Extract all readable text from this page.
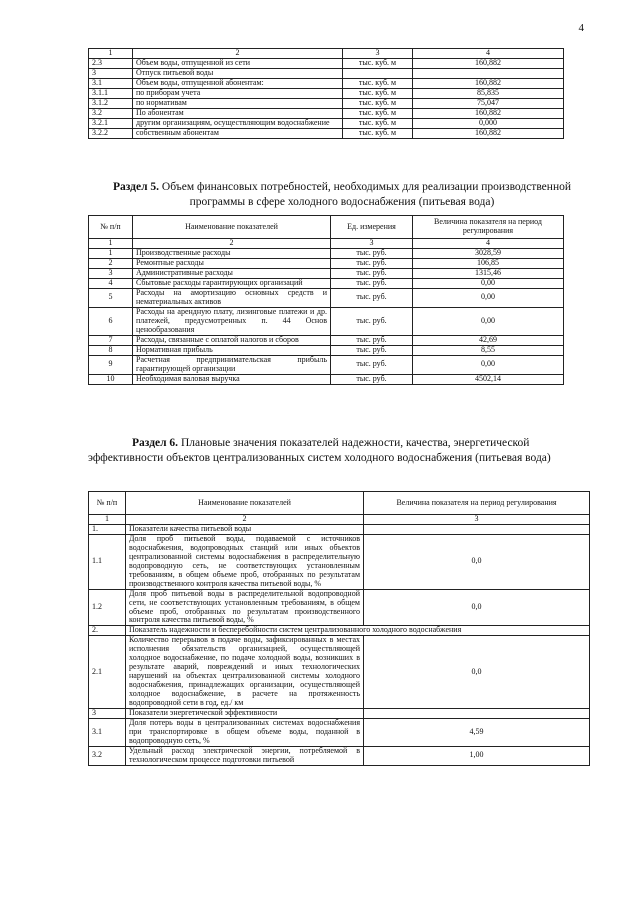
4
1	2	3	4
2.3	Объем воды, отпущенной из сети	тыс. куб. м	160,882
3	Отпуск питьевой воды		
3.1	Объем воды, отпущенной абонентам:	тыс. куб. м	160,882
3.1.1	по приборам учета	тыс. куб. м	85,835
3.1.2	по нормативам	тыс. куб. м	75,047
3.2	По абонентам	тыс. куб. м	160,882
3.2.1	другим организациям, осуществляющим водоснабжение	тыс. куб. м	0,000
3.2.2	собственным абонентам	тыс. куб. м	160,882
Раздел 5. Объем финансовых потребностей, необходимых для реализации производственной программы в сфере холодного водоснабжения (питьевая вода)
№ п/п	Наименование показателей	Ед. измерения	Величина показателя на период регулирования
1	2	3	4
1	Производственные расходы	тыс. руб.	3028,59
2	Ремонтные расходы	тыс. руб.	106,85
3	Административные расходы	тыс. руб.	1315,46
4	Сбытовые расходы гарантирующих организаций	тыс. руб.	0,00
5	Расходы на амортизацию основных средств и нематериальных активов	тыс. руб.	0,00
6	Расходы на арендную плату, лизинговые платежи и др. платежей, предусмотренных п. 44 Основ ценообразования	тыс. руб.	0,00
7	Расходы, связанные с оплатой налогов и сборов	тыс. руб.	42,69
8	Нормативная прибыль	тыс. руб.	8,55
9	Расчетная предпринимательская прибыль гарантирующей организации	тыс. руб.	0,00
10	Необходимая валовая выручка	тыс. руб.	4502,14
Раздел 6. Плановые значения показателей надежности, качества, энергетической эффективности объектов централизованных систем холодного водоснабжения (питьевая вода)
№ п/п	Наименование показателей	Величина показателя на период регулирования
1	2	3
1.	Показатели качества питьевой воды	
1.1	Доля проб питьевой воды, подаваемой с источников водоснабжения, водопроводных станций или иных объектов централизованной системы водоснабжения в распределительную водопроводную сеть, не соответствующих установленным требованиям, в общем объеме проб, отобранных по результатам производственного контроля качества питьевой воды, %	0,0
1.2	Доля проб питьевой воды в распределительной водопроводной сети, не соответствующих установленным требованиям, в общем объеме проб, отобранных по результатам производственного контроля качества питьевой воды, %	0,0
2.	Показатель надежности и бесперебойности систем централизованного холодного водоснабжения	
2.1	Количество перерывов в подаче воды, зафиксированных в местах исполнения обязательств организацией, осуществляющей холодное водоснабжение, по подаче холодной воды, возникших в результате аварий, повреждений и иных технологических нарушений на объектах централизованной системы холодного водоснабжения, принадлежащих организации, осуществляющей холодное водоснабжение, в расчете на протяженность водопроводной сети в год, ед./ км	0,0
3	Показатели энергетической эффективности	
3.1	Доля потерь воды в централизованных системах водоснабжения при транспортировке в общем объеме воды, поданной в водопроводную сеть, %	4,59
3.2	Удельный расход электрической энергии, потребляемой в технологическом процессе подготовки питьевой	1,00
